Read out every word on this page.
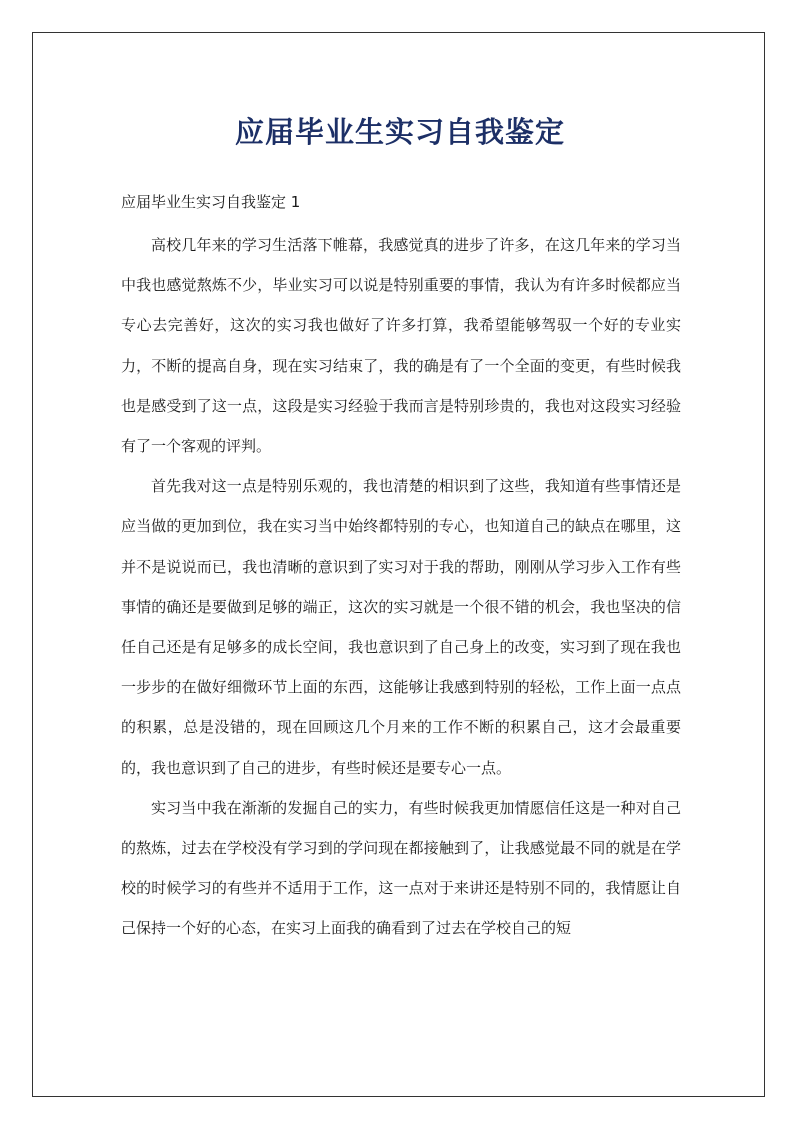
应届毕业生实习自我鉴定

应届毕业生实习自我鉴定 1

高校几年来的学习生活落下帷幕，我感觉真的进步了许多，在这几年来的学习当中我也感觉熬炼不少，毕业实习可以说是特别重要的事情，我认为有许多时候都应当专心去完善好，这次的实习我也做好了许多打算，我希望能够驾驭一个好的专业实力，不断的提高自身，现在实习结束了，我的确是有了一个全面的变更，有些时候我也是感受到了这一点，这段是实习经验于我而言是特别珍贵的，我也对这段实习经验有了一个客观的评判。

首先我对这一点是特别乐观的，我也清楚的相识到了这些，我知道有些事情还是应当做的更加到位，我在实习当中始终都特别的专心，也知道自己的缺点在哪里，这并不是说说而已，我也清晰的意识到了实习对于我的帮助，刚刚从学习步入工作有些事情的确还是要做到足够的端正，这次的实习就是一个很不错的机会，我也坚决的信任自己还是有足够多的成长空间，我也意识到了自己身上的改变，实习到了现在我也一步步的在做好细微环节上面的东西，这能够让我感到特别的轻松，工作上面一点点的积累，总是没错的，现在回顾这几个月来的工作不断的积累自己，这才会最重要的，我也意识到了自己的进步，有些时候还是要专心一点。

实习当中我在渐渐的发掘自己的实力，有些时候我更加情愿信任这是一种对自己的熬炼，过去在学校没有学习到的学问现在都接触到了，让我感觉最不同的就是在学校的时候学习的有些并不适用于工作，这一点对于来讲还是特别不同的，我情愿让自己保持一个好的心态，在实习上面我的确看到了过去在学校自己的短
